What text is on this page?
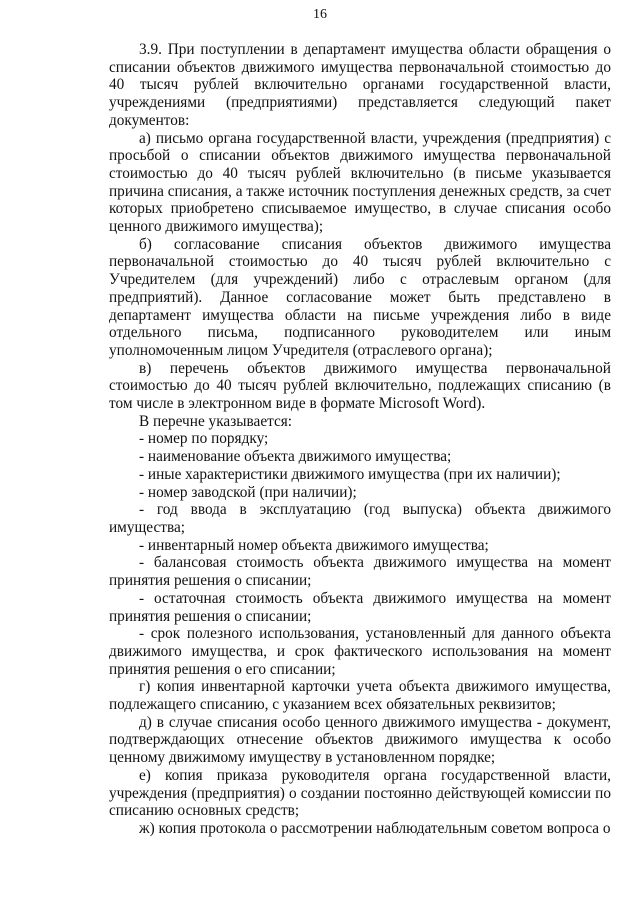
16

3.9. При поступлении в департамент имущества области обращения о списании объектов движимого имущества первоначальной стоимостью до 40 тысяч рублей включительно органами государственной власти, учреждениями (предприятиями) представляется следующий пакет документов:

а) письмо органа государственной власти, учреждения (предприятия) с просьбой о списании объектов движимого имущества первоначальной стоимостью до 40 тысяч рублей включительно (в письме указывается причина списания, а также источник поступления денежных средств, за счет которых приобретено списываемое имущество, в случае списания особо ценного движимого имущества);

б) согласование списания объектов движимого имущества первоначальной стоимостью до 40 тысяч рублей включительно с Учредителем (для учреждений) либо с отраслевым органом (для предприятий). Данное согласование может быть представлено в департамент имущества области на письме учреждения либо в виде отдельного письма, подписанного руководителем или иным уполномоченным лицом Учредителя (отраслевого органа);

в) перечень объектов движимого имущества первоначальной стоимостью до 40 тысяч рублей включительно, подлежащих списанию (в том числе в электронном виде в формате Microsoft Word).

В перечне указывается:

- номер по порядку;

- наименование объекта движимого имущества;

- иные характеристики движимого имущества (при их наличии);

- номер заводской (при наличии);

- год ввода в эксплуатацию (год выпуска) объекта движимого имущества;

- инвентарный номер объекта движимого имущества;

- балансовая стоимость объекта движимого имущества на момент принятия решения о списании;

- остаточная стоимость объекта движимого имущества на момент принятия решения о списании;

- срок полезного использования, установленный для данного объекта движимого имущества, и срок фактического использования на момент принятия решения о его списании;

г) копия инвентарной карточки учета объекта движимого имущества, подлежащего списанию, с указанием всех обязательных реквизитов;

д) в случае списания особо ценного движимого имущества - документ, подтверждающих отнесение объектов движимого имущества к особо ценному движимому имуществу в установленном порядке;

е) копия приказа руководителя органа государственной власти, учреждения (предприятия) о создании постоянно действующей комиссии по списанию основных средств;

ж) копия протокола о рассмотрении наблюдательным советом вопроса о
